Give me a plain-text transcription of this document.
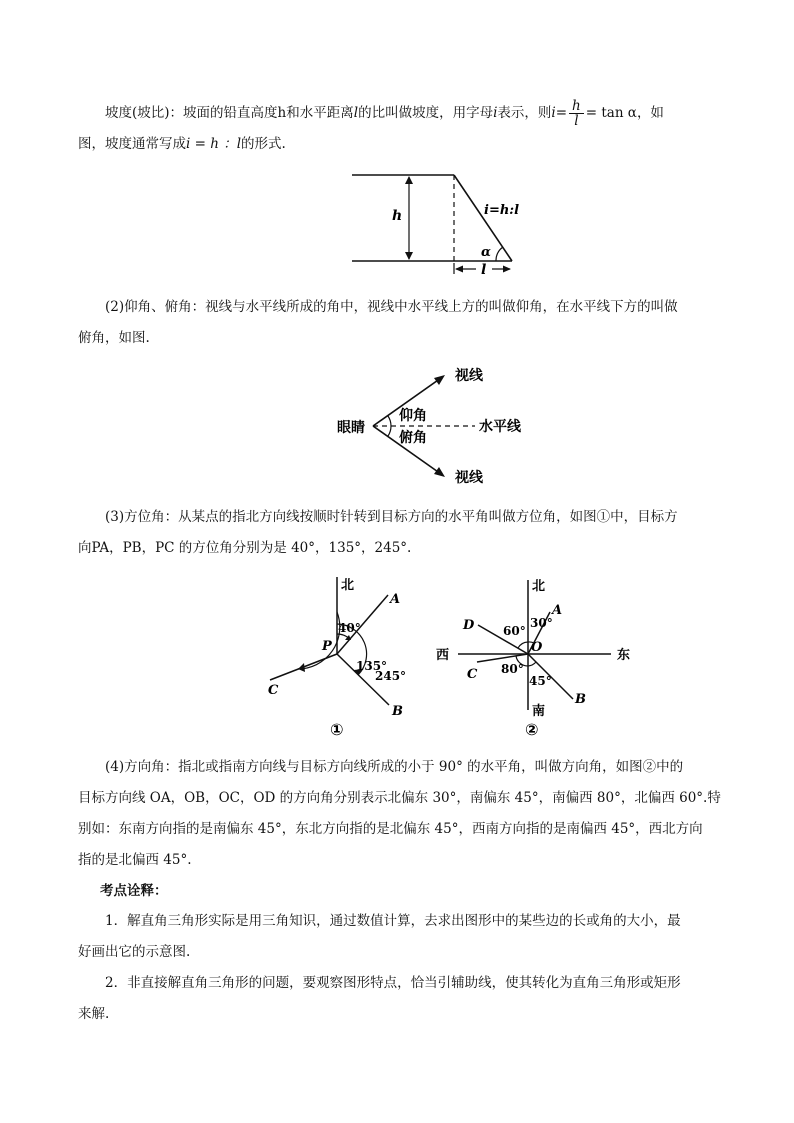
坡度(坡比)：坡面的铅直高度h和水平距离l的比叫做坡度，用字母i表示，则$i= \frac{h}{l} = \tan \alpha$，如
图，坡度通常写成i = h ：l的形式.
h	i=h:l
α
l
(2)仰角、俯角：视线与水平线所成的角中，视线中水平线上方的叫做仰角，在水平线下方的叫做
俯角，如图.
眼睛
仰角
俯角
视线
视线
水平线
(3)方位角：从某点的指北方向线按顺时针转到目标方向的水平角叫做方位角，如图①中，目标方
向PA，PB，PC 的方位角分别为是 40°，135°，245°.
北
A
B
C
P
40°
135°
245°
①
北
南
西	东
A
B
C
D
O
30°
60°
80°
45°
②
(4)方向角：指北或指南方向线与目标方向线所成的小于 90° 的水平角，叫做方向角，如图②中的
目标方向线 OA，OB，OC，OD 的方向角分别表示北偏东 30°，南偏东 45°，南偏西 80°，北偏西 60°.特
别如：东南方向指的是南偏东 45°，东北方向指的是北偏东 45°，西南方向指的是南偏西 45°，西北方向
指的是北偏西 45°.
考点诠释：
1．解直角三角形实际是用三角知识，通过数值计算，去求出图形中的某些边的长或角的大小，最
好画出它的示意图.
2．非直接解直角三角形的问题，要观察图形特点，恰当引辅助线，使其转化为直角三角形或矩形
来解.
